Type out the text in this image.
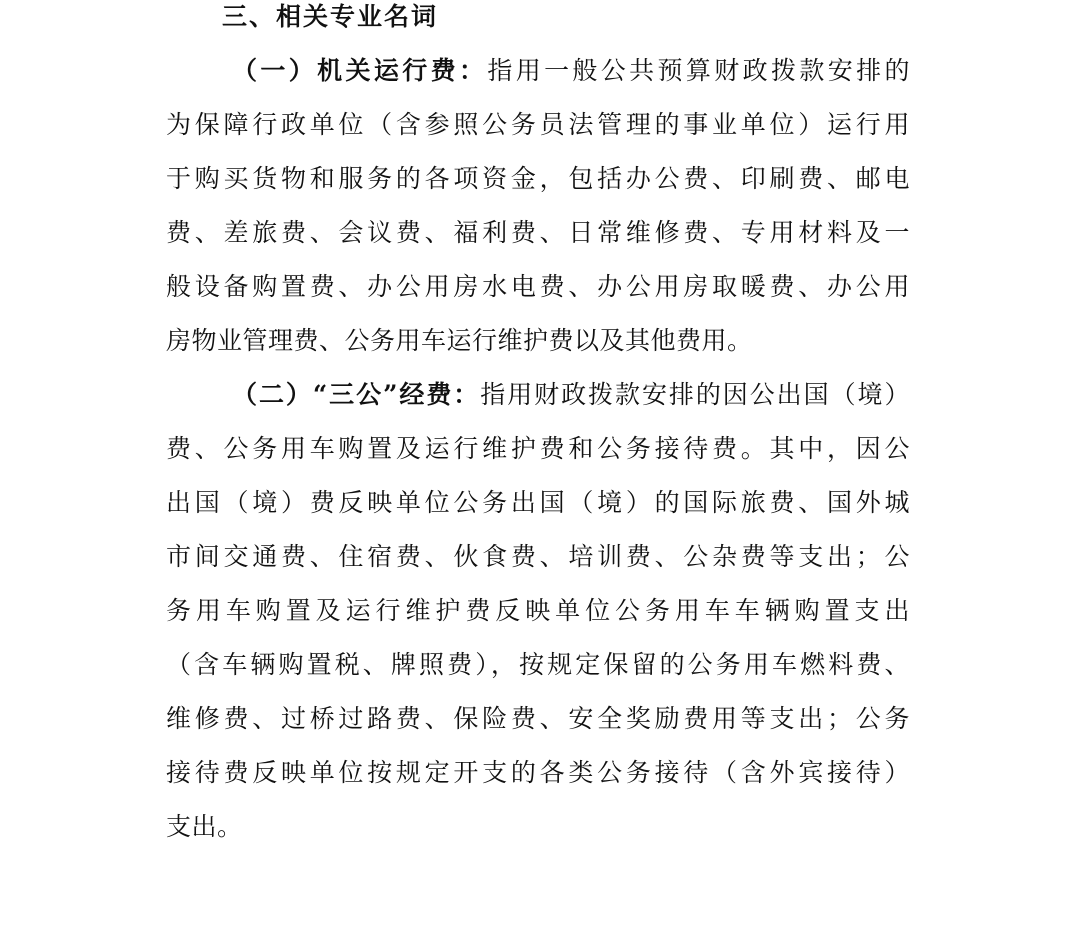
三、相关专业名词
（一）机关运行费：指用一般公共预算财政拨款安排的
为保障行政单位（含参照公务员法管理的事业单位）运行用
于购买货物和服务的各项资金，包括办公费、印刷费、邮电
费、差旅费、会议费、福利费、日常维修费、专用材料及一
般设备购置费、办公用房水电费、办公用房取暖费、办公用
房物业管理费、公务用车运行维护费以及其他费用。
（二）“三公”经费：指用财政拨款安排的因公出国（境）
费、公务用车购置及运行维护费和公务接待费。其中，因公
出国（境）费反映单位公务出国（境）的国际旅费、国外城
市间交通费、住宿费、伙食费、培训费、公杂费等支出；公
务用车购置及运行维护费反映单位公务用车车辆购置支出
（含车辆购置税、牌照费），按规定保留的公务用车燃料费、
维修费、过桥过路费、保险费、安全奖励费用等支出；公务
接待费反映单位按规定开支的各类公务接待（含外宾接待）
支出。
